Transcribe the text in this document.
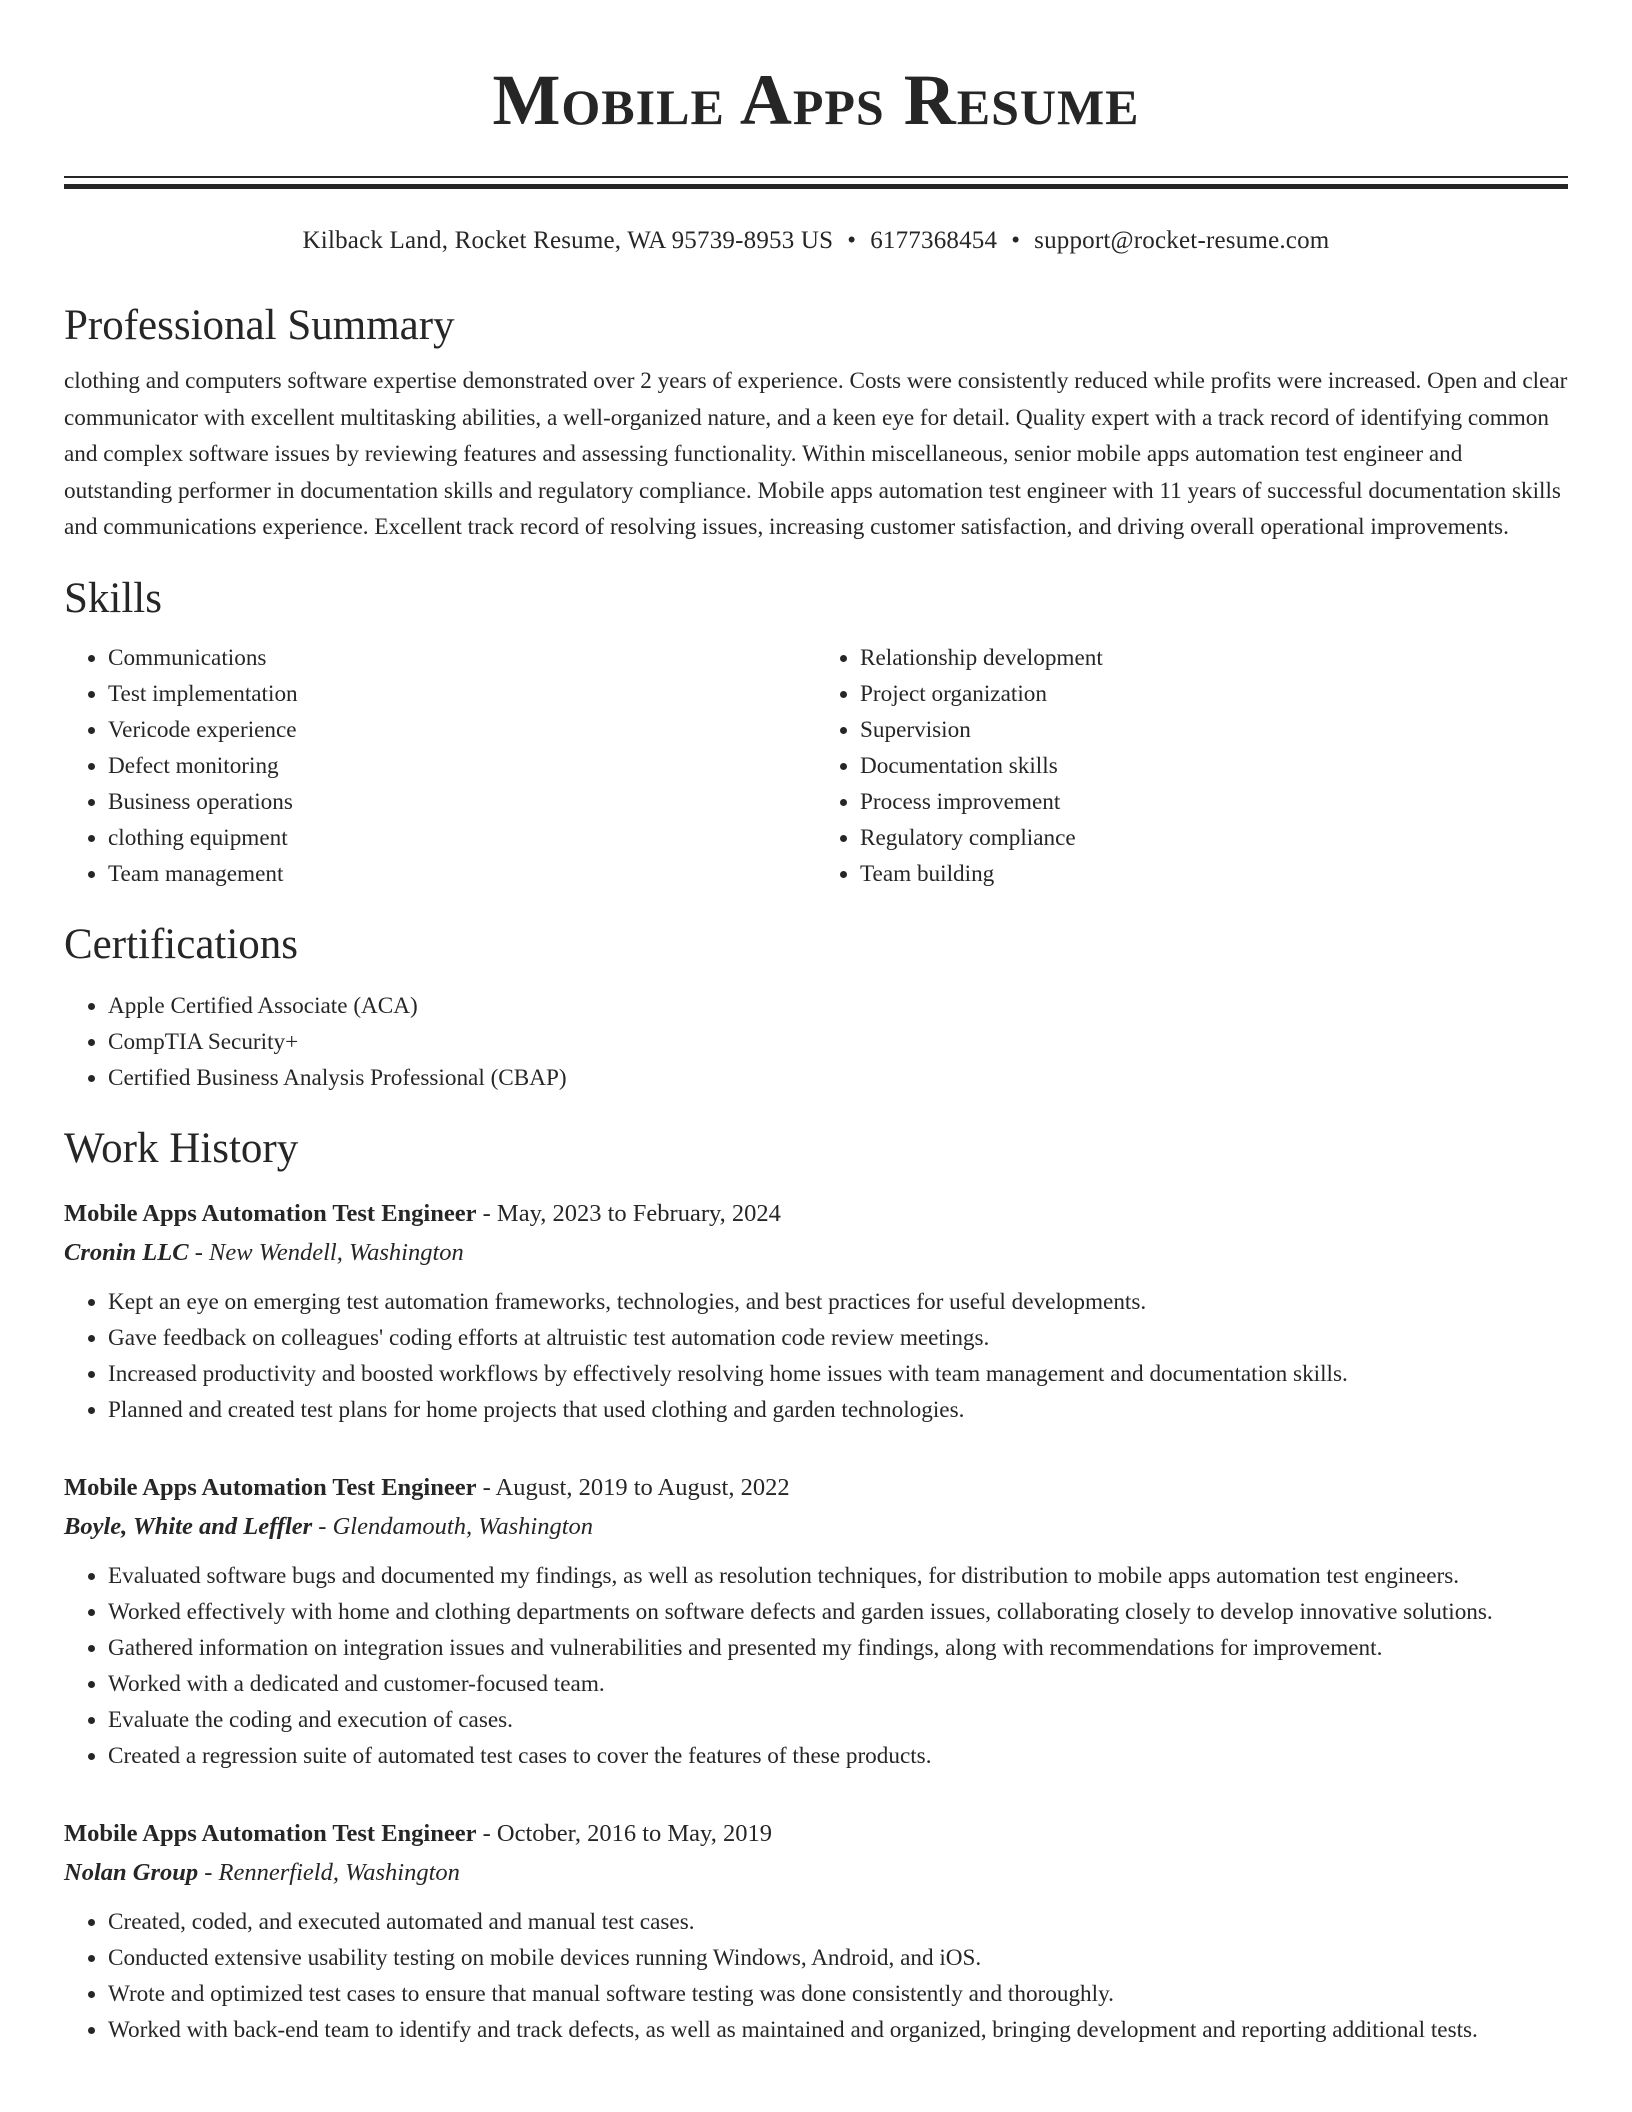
Mobile Apps Resume
Kilback Land, Rocket Resume, WA 95739-8953 US • 6177368454 • support@rocket-resume.com
Professional Summary
clothing and computers software expertise demonstrated over 2 years of experience. Costs were consistently reduced while profits were increased. Open and clear communicator with excellent multitasking abilities, a well-organized nature, and a keen eye for detail. Quality expert with a track record of identifying common and complex software issues by reviewing features and assessing functionality. Within miscellaneous, senior mobile apps automation test engineer and outstanding performer in documentation skills and regulatory compliance. Mobile apps automation test engineer with 11 years of successful documentation skills and communications experience. Excellent track record of resolving issues, increasing customer satisfaction, and driving overall operational improvements.
Skills
• Communications
• Test implementation
• Vericode experience
• Defect monitoring
• Business operations
• clothing equipment
• Team management
• Relationship development
• Project organization
• Supervision
• Documentation skills
• Process improvement
• Regulatory compliance
• Team building
Certifications
• Apple Certified Associate (ACA)
• CompTIA Security+
• Certified Business Analysis Professional (CBAP)
Work History
Mobile Apps Automation Test Engineer - May, 2023 to February, 2024
Cronin LLC - New Wendell, Washington
• Kept an eye on emerging test automation frameworks, technologies, and best practices for useful developments.
• Gave feedback on colleagues' coding efforts at altruistic test automation code review meetings.
• Increased productivity and boosted workflows by effectively resolving home issues with team management and documentation skills.
• Planned and created test plans for home projects that used clothing and garden technologies.
Mobile Apps Automation Test Engineer - August, 2019 to August, 2022
Boyle, White and Leffler - Glendamouth, Washington
• Evaluated software bugs and documented my findings, as well as resolution techniques, for distribution to mobile apps automation test engineers.
• Worked effectively with home and clothing departments on software defects and garden issues, collaborating closely to develop innovative solutions.
• Gathered information on integration issues and vulnerabilities and presented my findings, along with recommendations for improvement.
• Worked with a dedicated and customer-focused team.
• Evaluate the coding and execution of cases.
• Created a regression suite of automated test cases to cover the features of these products.
Mobile Apps Automation Test Engineer - October, 2016 to May, 2019
Nolan Group - Rennerfield, Washington
• Created, coded, and executed automated and manual test cases.
• Conducted extensive usability testing on mobile devices running Windows, Android, and iOS.
• Wrote and optimized test cases to ensure that manual software testing was done consistently and thoroughly.
• Worked with back-end team to identify and track defects, as well as maintained and organized, bringing development and reporting additional tests.
